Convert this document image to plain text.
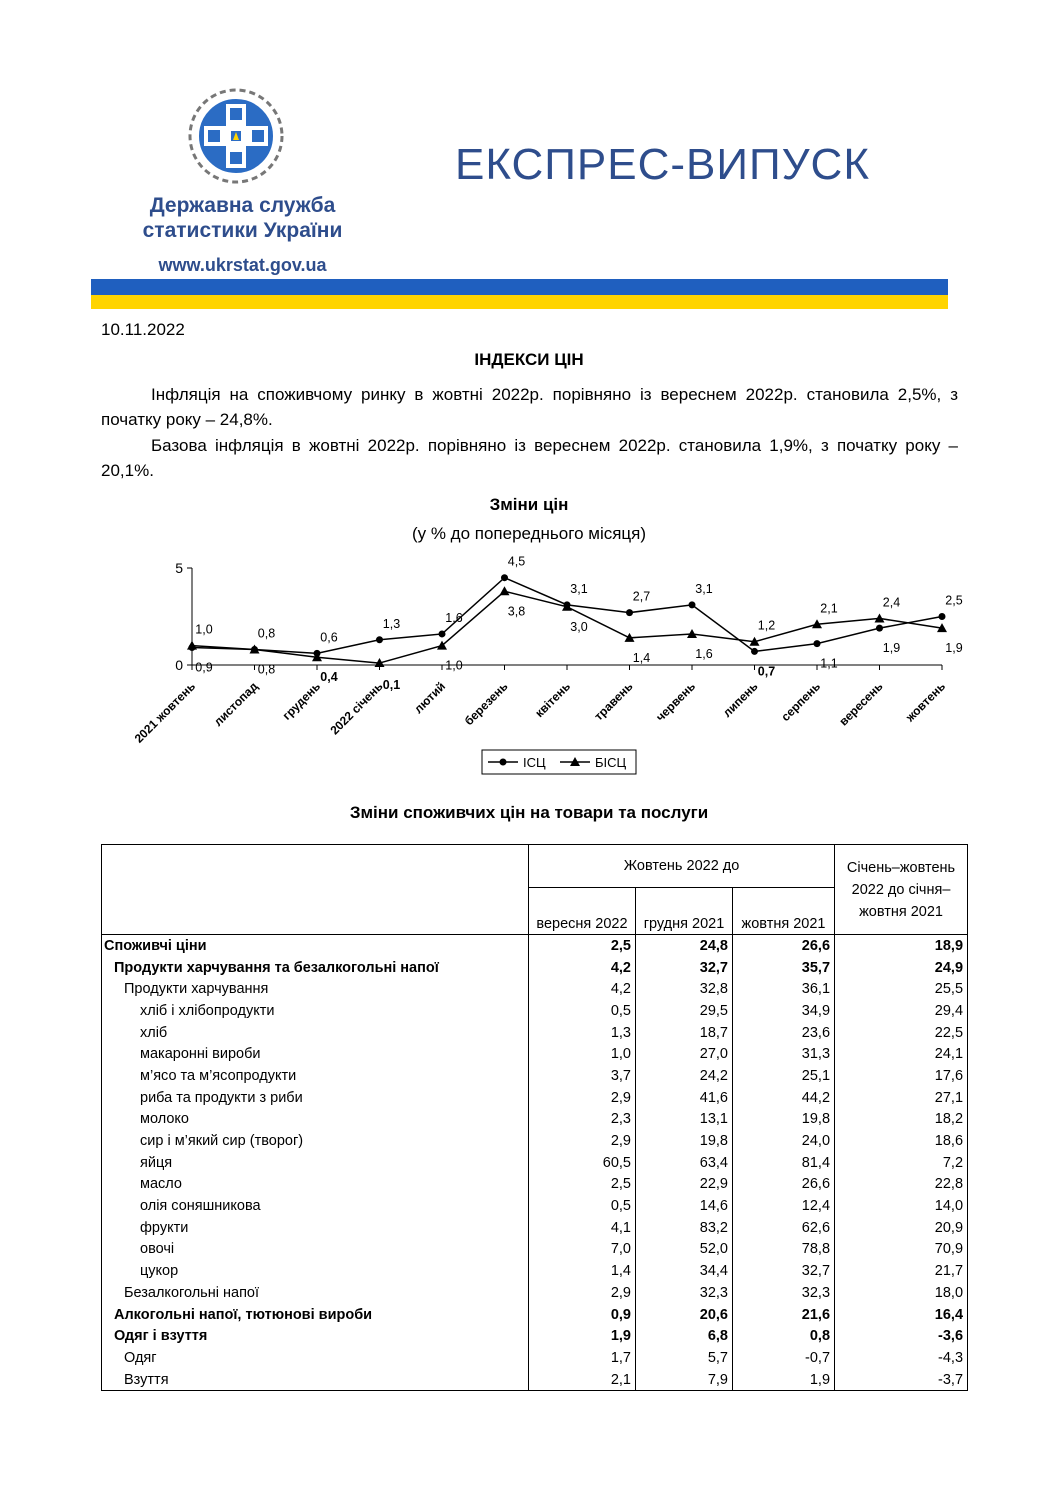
Державна служба
статистики України
www.ukrstat.gov.ua
ЕКСПРЕС-ВИПУСК
10.11.2022
ІНДЕКСИ ЦІН
Інфляція на споживчому ринку в жовтні 2022р. порівняно із вереснем 2022р. становила 2,5%, з початку року – 24,8%.
Базова інфляція в жовтні 2022р. порівняно із вереснем 2022р. становила 1,9%, з початку року – 20,1%.
Зміни цін
(у % до попереднього місяця)
0
5
2021 жовтень листопад грудень 2022 січень лютий березень квітень травень червень липень серпень вересень жовтень
0,9
1,0
0,8
0,8	0,6
0,4
1,3
0,1
1,6
1,0
4,5
3,8
3,1
3,0
2,7
1,4
3,1
1,6
0,7
1,2
1,1
2,1
1,9
2,4	2,5
1,9
ІСЦ	БІСЦ
Зміни споживчих цін на товари та послуги
	Жовтень 2022 до			Січень–жовтень 2022 до січня–жовтня 2021
	вересня 2022	грудня 2021	жовтня 2021	
Споживчі ціни	2,5	24,8	26,6	18,9
Продукти харчування та безалкогольні напої	4,2	32,7	35,7	24,9
Продукти харчування	4,2	32,8	36,1	25,5
хліб і хлібопродукти	0,5	29,5	34,9	29,4
хліб	1,3	18,7	23,6	22,5
макаронні вироби	1,0	27,0	31,3	24,1
м’ясо та м’ясопродукти	3,7	24,2	25,1	17,6
риба та продукти з риби	2,9	41,6	44,2	27,1
молоко	2,3	13,1	19,8	18,2
сир і м’який сир (творог)	2,9	19,8	24,0	18,6
яйця	60,5	63,4	81,4	7,2
масло	2,5	22,9	26,6	22,8
олія соняшникова	0,5	14,6	12,4	14,0
фрукти	4,1	83,2	62,6	20,9
овочі	7,0	52,0	78,8	70,9
цукор	1,4	34,4	32,7	21,7
Безалкогольні напої	2,9	32,3	32,3	18,0
Алкогольні напої, тютюнові вироби	0,9	20,6	21,6	16,4
Одяг і взуття	1,9	6,8	0,8	-3,6
Одяг	1,7	5,7	-0,7	-4,3
Взуття	2,1	7,9	1,9	-3,7
